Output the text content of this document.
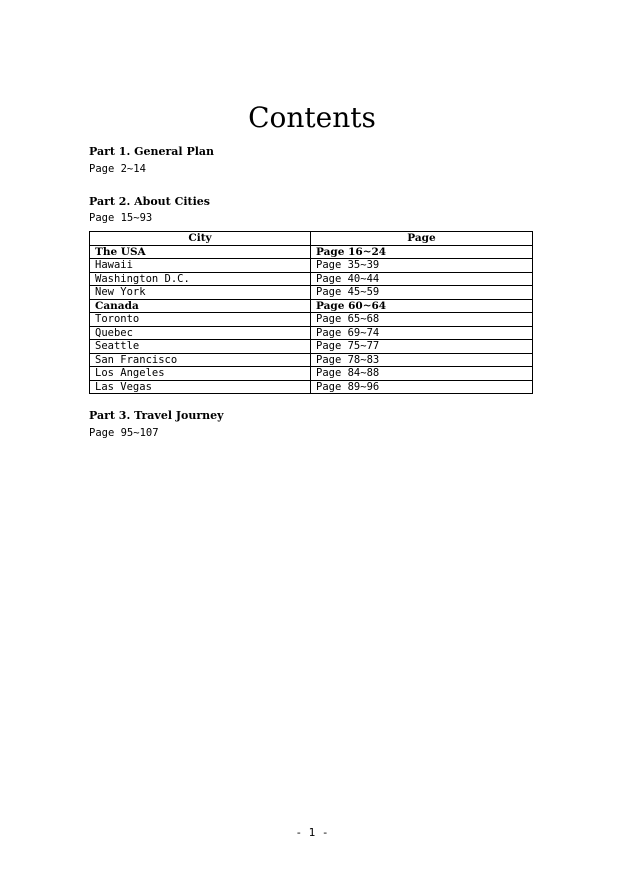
Contents
Part 1. General Plan
Page 2~14
Part 2. About Cities
Page 15~93
City	Page
The USA	Page 16~24
Hawaii	Page 35~39
Washington D.C.	Page 40~44
New York	Page 45~59
Canada	Page 60~64
Toronto	Page 65~68
Quebec	Page 69~74
Seattle	Page 75~77
San Francisco	Page 78~83
Los Angeles	Page 84~88
Las Vegas	Page 89~96
Part 3. Travel Journey
Page 95~107
- 1 -
